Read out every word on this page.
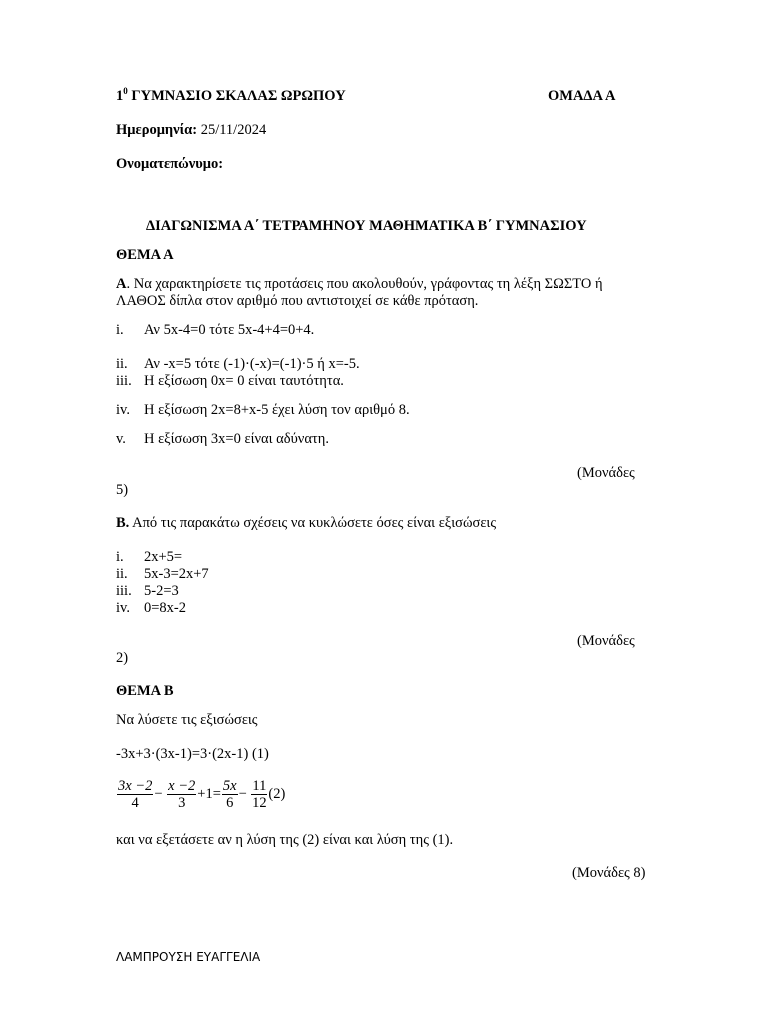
$1^0$ ΓΥΜΝΑΣΙΟ ΣΚΑΛΑΣ ΩΡΩΠΟΥ	ΟΜΑΔΑ Α
Ημερομηνία: 25/11/2024
Ονοματεπώνυμο:
ΔΙΑΓΩΝΙΣΜΑ Α΄ ΤΕΤΡΑΜΗΝΟΥ ΜΑΘΗΜΑΤΙΚΑ Β΄ ΓΥΜΝΑΣΙΟΥ
ΘΕΜΑ Α
Α. Να χαρακτηρίσετε τις προτάσεις που ακολουθούν, γράφοντας τη λέξη ΣΩΣΤΟ ή
ΛΑΘΟΣ δίπλα στον αριθμό που αντιστοιχεί σε κάθε πρόταση.
i. Αν 5x-4=0 τότε 5x-4+4=0+4.
ii. Αν -x=5 τότε (-1)·(-x)=(-1)·5 ή x=-5.
iii. Η εξίσωση 0x= 0 είναι ταυτότητα.
iv. Η εξίσωση 2x=8+x-5 έχει λύση τον αριθμό 8.
v. Η εξίσωση 3x=0 είναι αδύνατη.
(Μονάδες
5)
Β. Από τις παρακάτω σχέσεις να κυκλώσετε όσες είναι εξισώσεις
i. 2x+5=
ii. 5x-3=2x+7
iii. 5-2=3
iv. 0=8x-2
(Μονάδες
2)
ΘΕΜΑ Β
Να λύσετε τις εξισώσεις
-3x+3·(3x-1)=3·(2x-1) (1)
$\frac{3x -2}{4} - \frac{x -2}{3} +1= \frac{5x}{6} - \frac{11}{12} (2)$
και να εξετάσετε αν η λύση της (2) είναι και λύση της (1).
(Μονάδες 8)
ΛΑΜΠΡΟΥΣΗ ΕΥΑΓΓΕΛΙΑ
